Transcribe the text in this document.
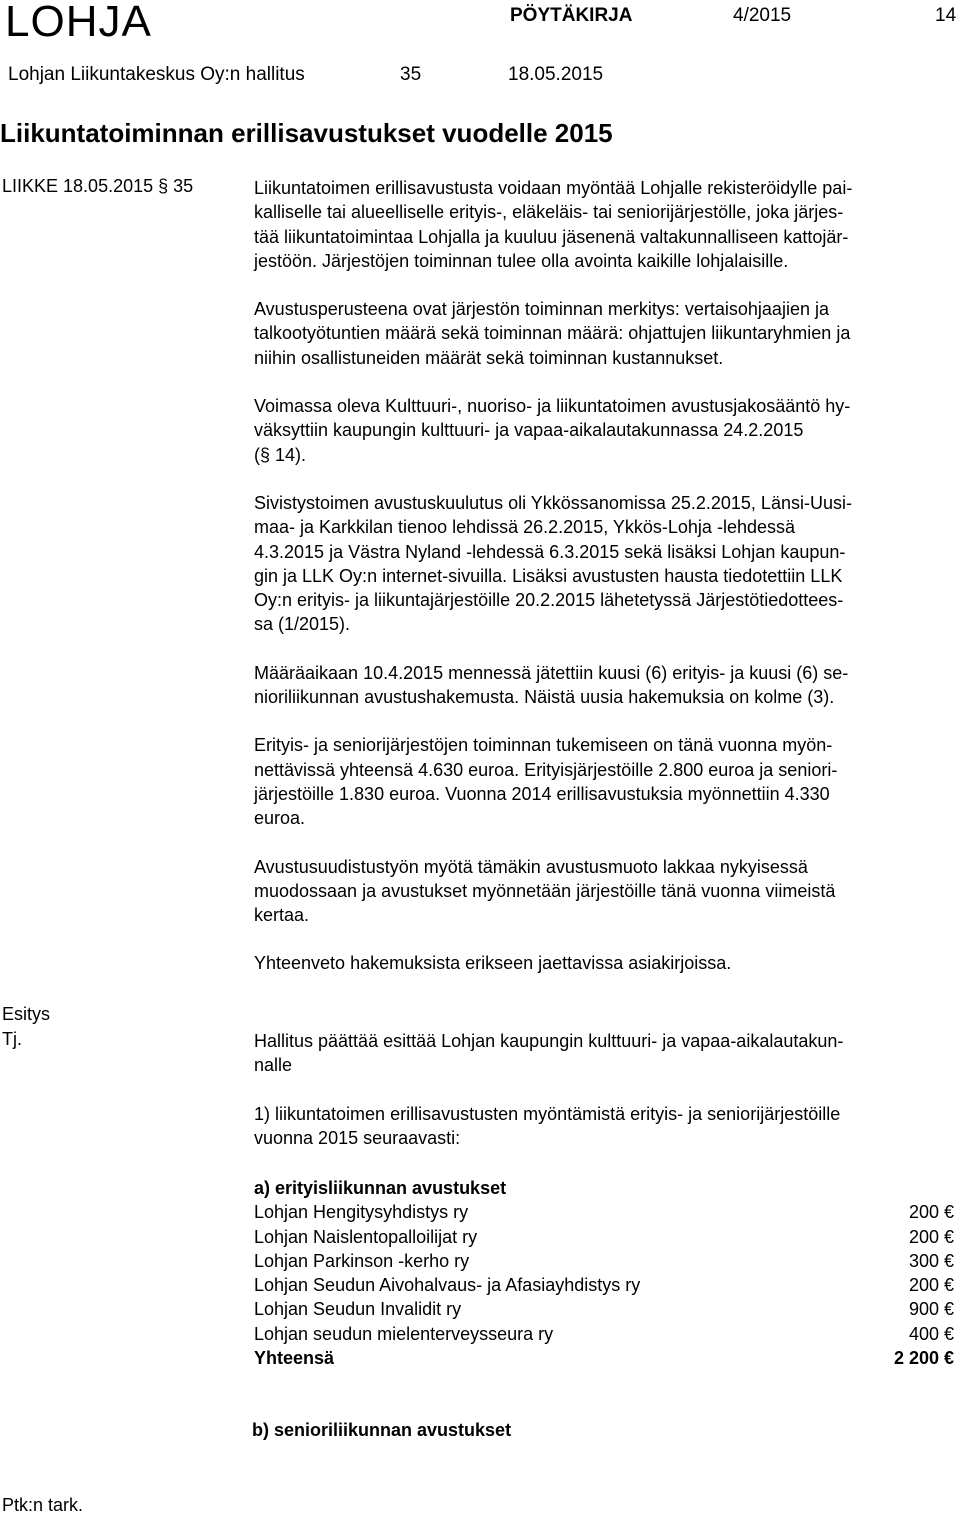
LOHJA	PÖYTÄKIRJA	4/2015	14
Lohjan Liikuntakeskus Oy:n hallitus	35	18.05.2015
Liikuntatoiminnan erillisavustukset vuodelle 2015
LIIKKE 18.05.2015 § 35	Liikuntatoimen erillisavustusta voidaan myöntää Lohjalle rekisteröidylle pai-
kalliselle tai alueelliselle erityis-, eläkeläis- tai seniorijärjestölle, joka järjes-
tää liikuntatoimintaa Lohjalla ja kuuluu jäsenenä valtakunnalliseen kattojär-
jestöön. Järjestöjen toiminnan tulee olla avointa kaikille lohjalaisille.

Avustusperusteena ovat järjestön toiminnan merkitys: vertaisohjaajien ja
talkootyötuntien määrä sekä toiminnan määrä: ohjattujen liikuntaryhmien ja
niihin osallistuneiden määrät sekä toiminnan kustannukset.

Voimassa oleva Kulttuuri-, nuoriso- ja liikuntatoimen avustusjakosääntö hy-
väksyttiin kaupungin kulttuuri- ja vapaa-aikalautakunnassa 24.2.2015
(§ 14).

Sivistystoimen avustuskuulutus oli Ykkössanomissa 25.2.2015, Länsi-Uusi-
maa- ja Karkkilan tienoo lehdissä 26.2.2015, Ykkös-Lohja -lehdessä
4.3.2015 ja Västra Nyland -lehdessä 6.3.2015 sekä lisäksi Lohjan kaupun-
gin ja LLK Oy:n internet-sivuilla. Lisäksi avustusten hausta tiedotettiin LLK
Oy:n erityis- ja liikuntajärjestöille 20.2.2015 lähetetyssä Järjestötiedottees-
sa (1/2015).

Määräaikaan 10.4.2015 mennessä jätettiin kuusi (6) erityis- ja kuusi (6) se-
nioriliikunnan avustushakemusta. Näistä uusia hakemuksia on kolme (3).

Erityis- ja seniorijärjestöjen toiminnan tukemiseen on tänä vuonna myön-
nettävissä yhteensä 4.630 euroa. Erityisjärjestöille 2.800 euroa ja seniori-
järjestöille 1.830 euroa. Vuonna 2014 erillisavustuksia myönnettiin 4.330
euroa.

Avustusuudistustyön myötä tämäkin avustusmuoto lakkaa nykyisessä
muodossaan ja avustukset myönnetään järjestöille tänä vuonna viimeistä
kertaa.

Yhteenveto hakemuksista erikseen jaettavissa asiakirjoissa.

Esitys
Tj.	Hallitus päättää esittää Lohjan kaupungin kulttuuri- ja vapaa-aikalautakun-
nalle
1) liikuntatoimen erillisavustusten myöntämistä erityis- ja seniorijärjestöille
vuonna 2015 seuraavasti:
a) erityisliikunnan avustukset
Lohjan Hengitysyhdistys ry	200 €
Lohjan Naislentopalloilijat ry	200 €
Lohjan Parkinson -kerho ry	300 €
Lohjan Seudun Aivohalvaus- ja Afasiayhdistys ry	200 €
Lohjan Seudun Invalidit ry	900 €
Lohjan seudun mielenterveysseura ry	400 €
Yhteensä	2 200 €
b) senioriliikunnan avustukset
Ptk:n tark.
